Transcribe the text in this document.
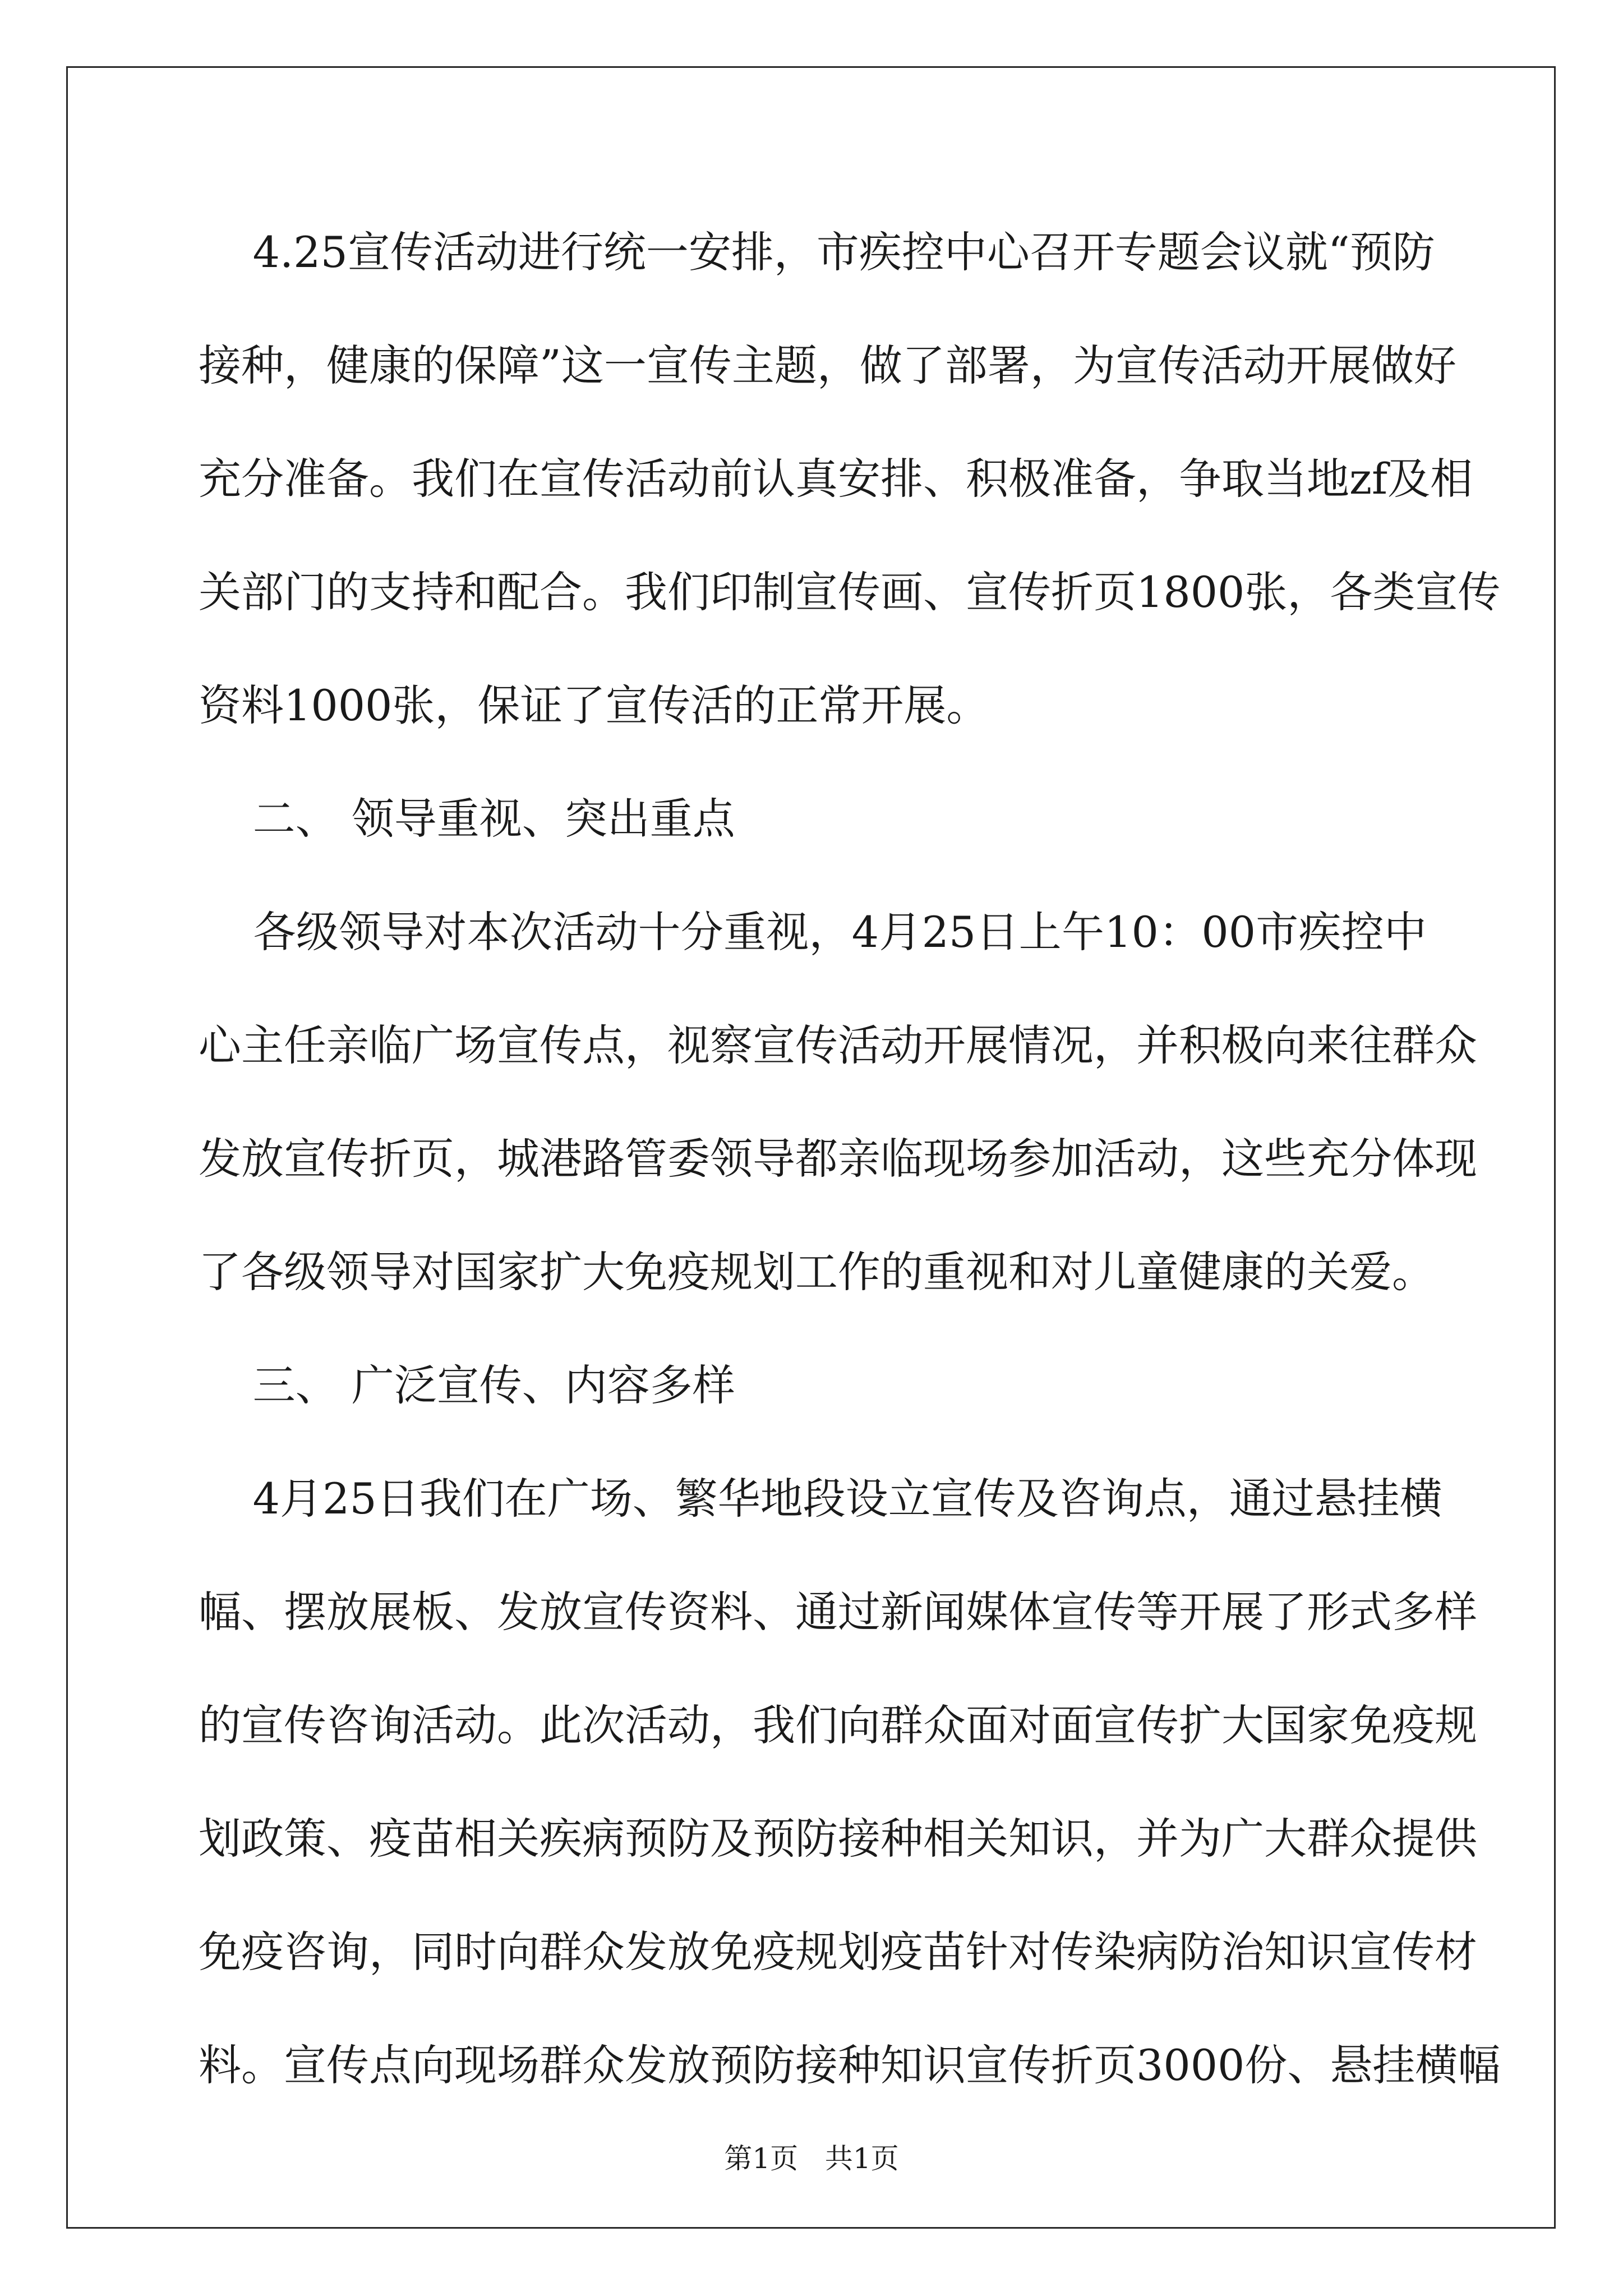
4.25宣传活动进行统一安排，市疾控中心召开专题会议就“预防
接种，健康的保障”这一宣传主题，做了部署，为宣传活动开展做好
充分准备。我们在宣传活动前认真安排、积极准备，争取当地zf及相
关部门的支持和配合。我们印制宣传画、宣传折页1800张，各类宣传
资料1000张，保证了宣传活的正常开展。
二、 领导重视、突出重点
各级领导对本次活动十分重视，4月25日上午10：00市疾控中
心主任亲临广场宣传点，视察宣传活动开展情况，并积极向来往群众
发放宣传折页，城港路管委领导都亲临现场参加活动，这些充分体现
了各级领导对国家扩大免疫规划工作的重视和对儿童健康的关爱。
三、 广泛宣传、内容多样
4月25日我们在广场、繁华地段设立宣传及咨询点，通过悬挂横
幅、摆放展板、发放宣传资料、通过新闻媒体宣传等开展了形式多样
的宣传咨询活动。此次活动，我们向群众面对面宣传扩大国家免疫规
划政策、疫苗相关疾病预防及预防接种相关知识，并为广大群众提供
免疫咨询，同时向群众发放免疫规划疫苗针对传染病防治知识宣传材
料。宣传点向现场群众发放预防接种知识宣传折页3000份、悬挂横幅
第1页   共1页
